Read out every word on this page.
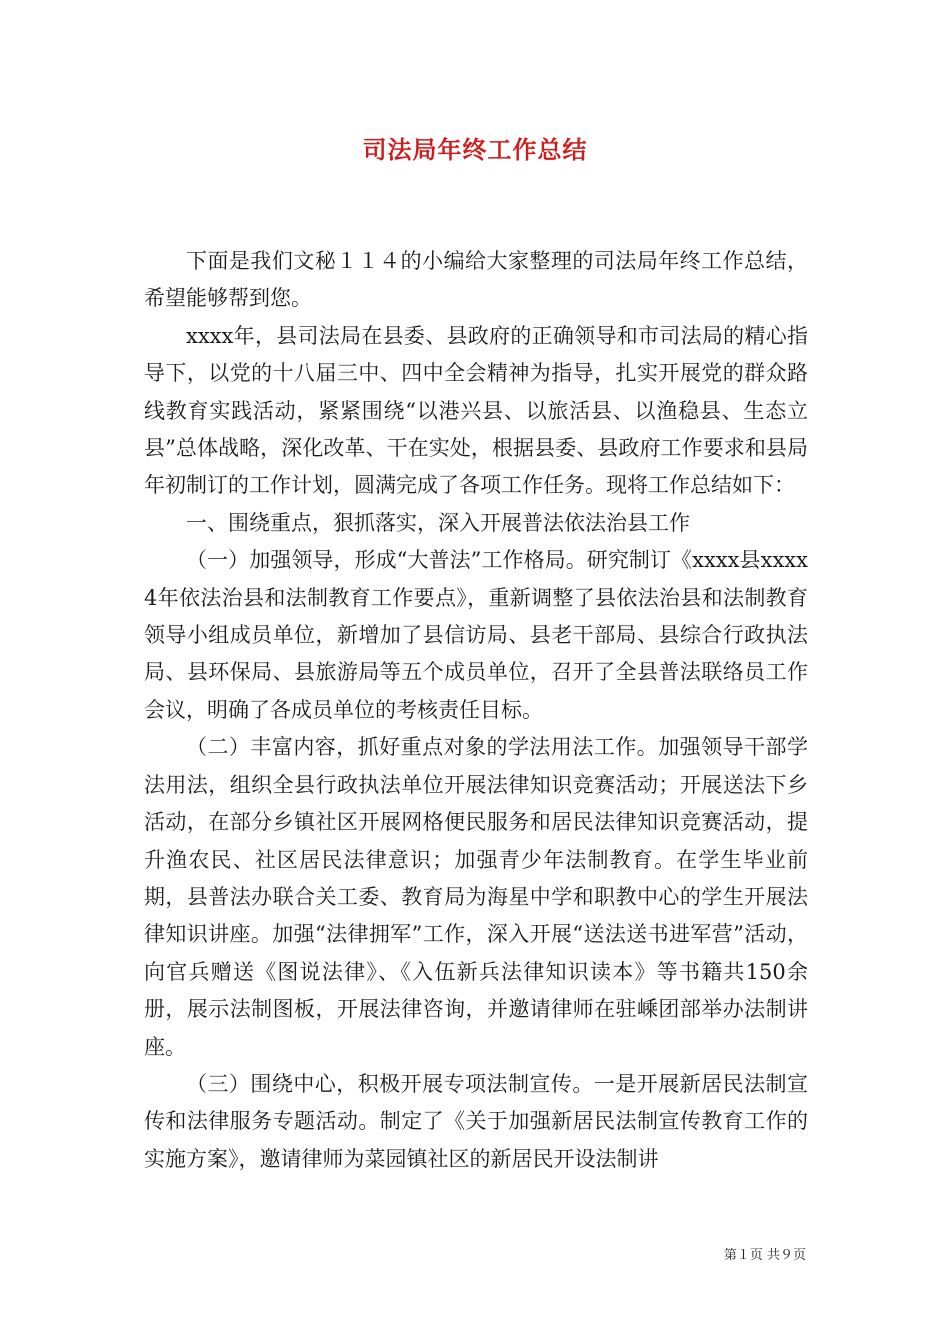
司法局年终工作总结

下面是我们文秘１１４的小编给大家整理的司法局年终工作总结，希望能够帮到您。

xxxx年，县司法局在县委、县政府的正确领导和市司法局的精心指导下，以党的十八届三中、四中全会精神为指导，扎实开展党的群众路线教育实践活动，紧紧围绕“以港兴县、以旅活县、以渔稳县、生态立县”总体战略，深化改革、干在实处，根据县委、县政府工作要求和县局年初制订的工作计划，圆满完成了各项工作任务。现将工作总结如下：

一、围绕重点，狠抓落实，深入开展普法依法治县工作

（一）加强领导，形成“大普法”工作格局。研究制订《xxxx县xxxx4年依法治县和法制教育工作要点》，重新调整了县依法治县和法制教育领导小组成员单位，新增加了县信访局、县老干部局、县综合行政执法局、县环保局、县旅游局等五个成员单位，召开了全县普法联络员工作会议，明确了各成员单位的考核责任目标。

（二）丰富内容，抓好重点对象的学法用法工作。加强领导干部学法用法，组织全县行政执法单位开展法律知识竞赛活动；开展送法下乡活动，在部分乡镇社区开展网格便民服务和居民法律知识竞赛活动，提升渔农民、社区居民法律意识；加强青少年法制教育。在学生毕业前期，县普法办联合关工委、教育局为海星中学和职教中心的学生开展法律知识讲座。加强“法律拥军”工作，深入开展“送法送书进军营”活动，向官兵赠送《图说法律》、《入伍新兵法律知识读本》等书籍共150余册，展示法制图板，开展法律咨询，并邀请律师在驻嵊团部举办法制讲座。

（三）围绕中心，积极开展专项法制宣传。一是开展新居民法制宣传和法律服务专题活动。制定了《关于加强新居民法制宣传教育工作的实施方案》，邀请律师为菜园镇社区的新居民开设法制讲

第１页 共９页
